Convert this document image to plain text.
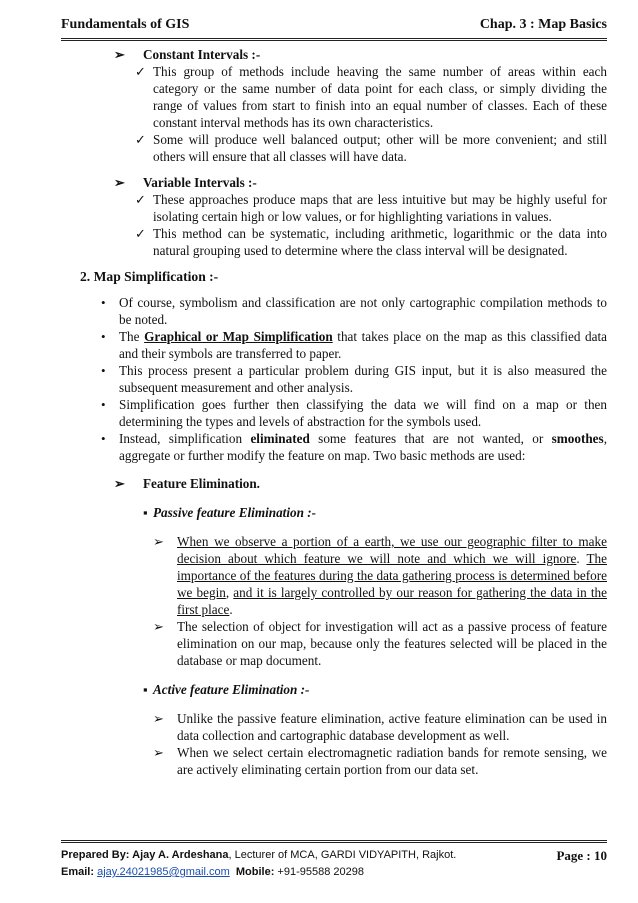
Fundamentals of GIS	Chap. 3 : Map Basics
➢ Constant Intervals :-
✓ This group of methods include heaving the same number of areas within each category or the same number of data point for each class, or simply dividing the range of values from start to finish into an equal number of classes. Each of these constant interval methods has its own characteristics.
✓ Some will produce well balanced output; other will be more convenient; and still others will ensure that all classes will have data.
➢ Variable Intervals :-
✓ These approaches produce maps that are less intuitive but may be highly useful for isolating certain high or low values, or for highlighting variations in values.
✓ This method can be systematic, including arithmetic, logarithmic or the data into natural grouping used to determine where the class interval will be designated.
2. Map Simplification :-
• Of course, symbolism and classification are not only cartographic compilation methods to be noted.
• The Graphical or Map Simplification that takes place on the map as this classified data and their symbols are transferred to paper.
• This process present a particular problem during GIS input, but it is also measured the subsequent measurement and other analysis.
• Simplification goes further then classifying the data we will find on a map or then determining the types and levels of abstraction for the symbols used.
• Instead, simplification eliminated some features that are not wanted, or smoothes, aggregate or further modify the feature on map. Two basic methods are used:
➢ Feature Elimination.
▪ Passive feature Elimination :-
➢ When we observe a portion of a earth, we use our geographic filter to make decision about which feature we will note and which we will ignore. The importance of the features during the data gathering process is determined before we begin, and it is largely controlled by our reason for gathering the data in the first place.
➢ The selection of object for investigation will act as a passive process of feature elimination on our map, because only the features selected will be placed in the database or map document.
▪ Active feature Elimination :-
➢ Unlike the passive feature elimination, active feature elimination can be used in data collection and cartographic database development as well.
➢ When we select certain electromagnetic radiation bands for remote sensing, we are actively eliminating certain portion from our data set.
Prepared By: Ajay A. Ardeshana, Lecturer of MCA, GARDI VIDYAPITH, Rajkot.	Page : 10
Email: ajay.24021985@gmail.com Mobile: +91-95588 20298
